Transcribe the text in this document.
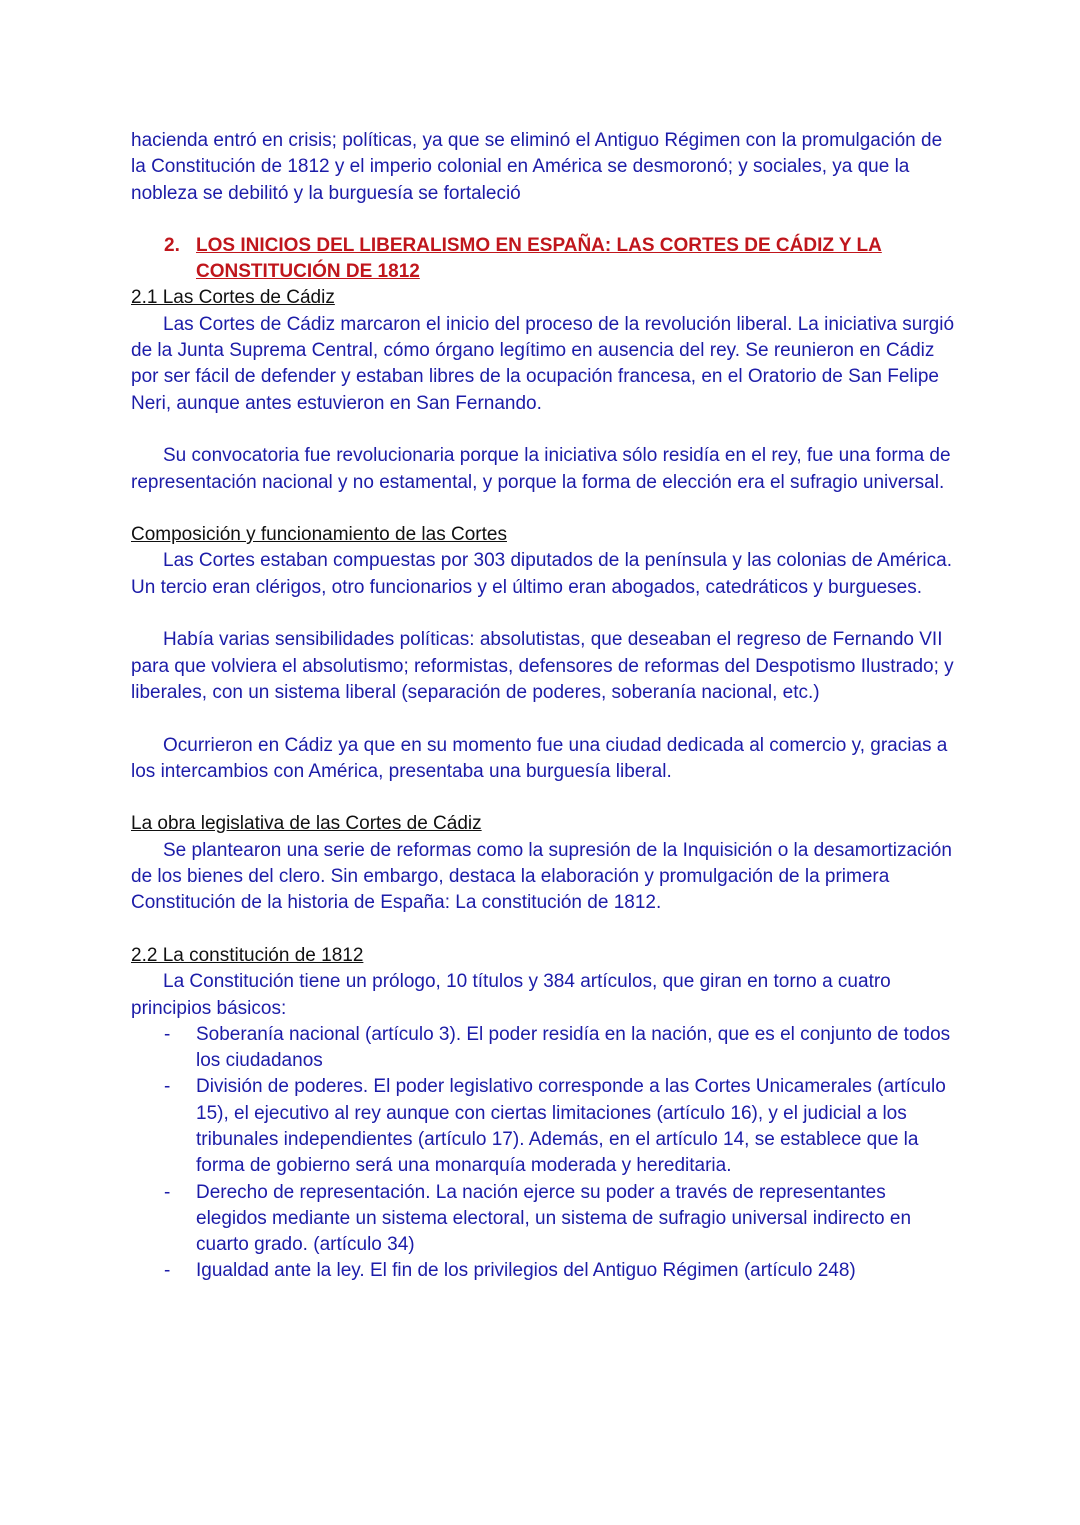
hacienda entró en crisis; políticas, ya que se eliminó el Antiguo Régimen con la promulgación de la Constitución de 1812 y el imperio colonial en América se desmoronó; y sociales, ya que la nobleza se debilitó y la burguesía se fortaleció

2. LOS INICIOS DEL LIBERALISMO EN ESPAÑA: LAS CORTES DE CÁDIZ Y LA CONSTITUCIÓN DE 1812

2.1 Las Cortes de Cádiz

Las Cortes de Cádiz marcaron el inicio del proceso de la revolución liberal. La iniciativa surgió de la Junta Suprema Central, cómo órgano legítimo en ausencia del rey. Se reunieron en Cádiz por ser fácil de defender y estaban libres de la ocupación francesa, en el Oratorio de San Felipe Neri, aunque antes estuvieron en San Fernando.

Su convocatoria fue revolucionaria porque la iniciativa sólo residía en el rey, fue una forma de representación nacional y no estamental, y porque la forma de elección era el sufragio universal.

Composición y funcionamiento de las Cortes

Las Cortes estaban compuestas por 303 diputados de la península y las colonias de América. Un tercio eran clérigos, otro funcionarios y el último eran abogados, catedráticos y burgueses.

Había varias sensibilidades políticas: absolutistas, que deseaban el regreso de Fernando VII para que volviera el absolutismo; reformistas, defensores de reformas del Despotismo Ilustrado; y liberales, con un sistema liberal (separación de poderes, soberanía nacional, etc.)

Ocurrieron en Cádiz ya que en su momento fue una ciudad dedicada al comercio y, gracias a los intercambios con América, presentaba una burguesía liberal.

La obra legislativa de las Cortes de Cádiz

Se plantearon una serie de reformas como la supresión de la Inquisición o la desamortización de los bienes del clero. Sin embargo, destaca la elaboración y promulgación de la primera Constitución de la historia de España: La constitución de 1812.

2.2 La constitución de 1812

La Constitución tiene un prólogo, 10 títulos y 384 artículos, que giran en torno a cuatro principios básicos:

-	Soberanía nacional (artículo 3). El poder residía en la nación, que es el conjunto de todos los ciudadanos
-	División de poderes. El poder legislativo corresponde a las Cortes Unicamerales (artículo 15), el ejecutivo al rey aunque con ciertas limitaciones (artículo 16), y el judicial a los tribunales independientes (artículo 17). Además, en el artículo 14, se establece que la forma de gobierno será una monarquía moderada y hereditaria.
-	Derecho de representación. La nación ejerce su poder a través de representantes elegidos mediante un sistema electoral, un sistema de sufragio universal indirecto en cuarto grado. (artículo 34)
-	Igualdad ante la ley. El fin de los privilegios del Antiguo Régimen (artículo 248)
